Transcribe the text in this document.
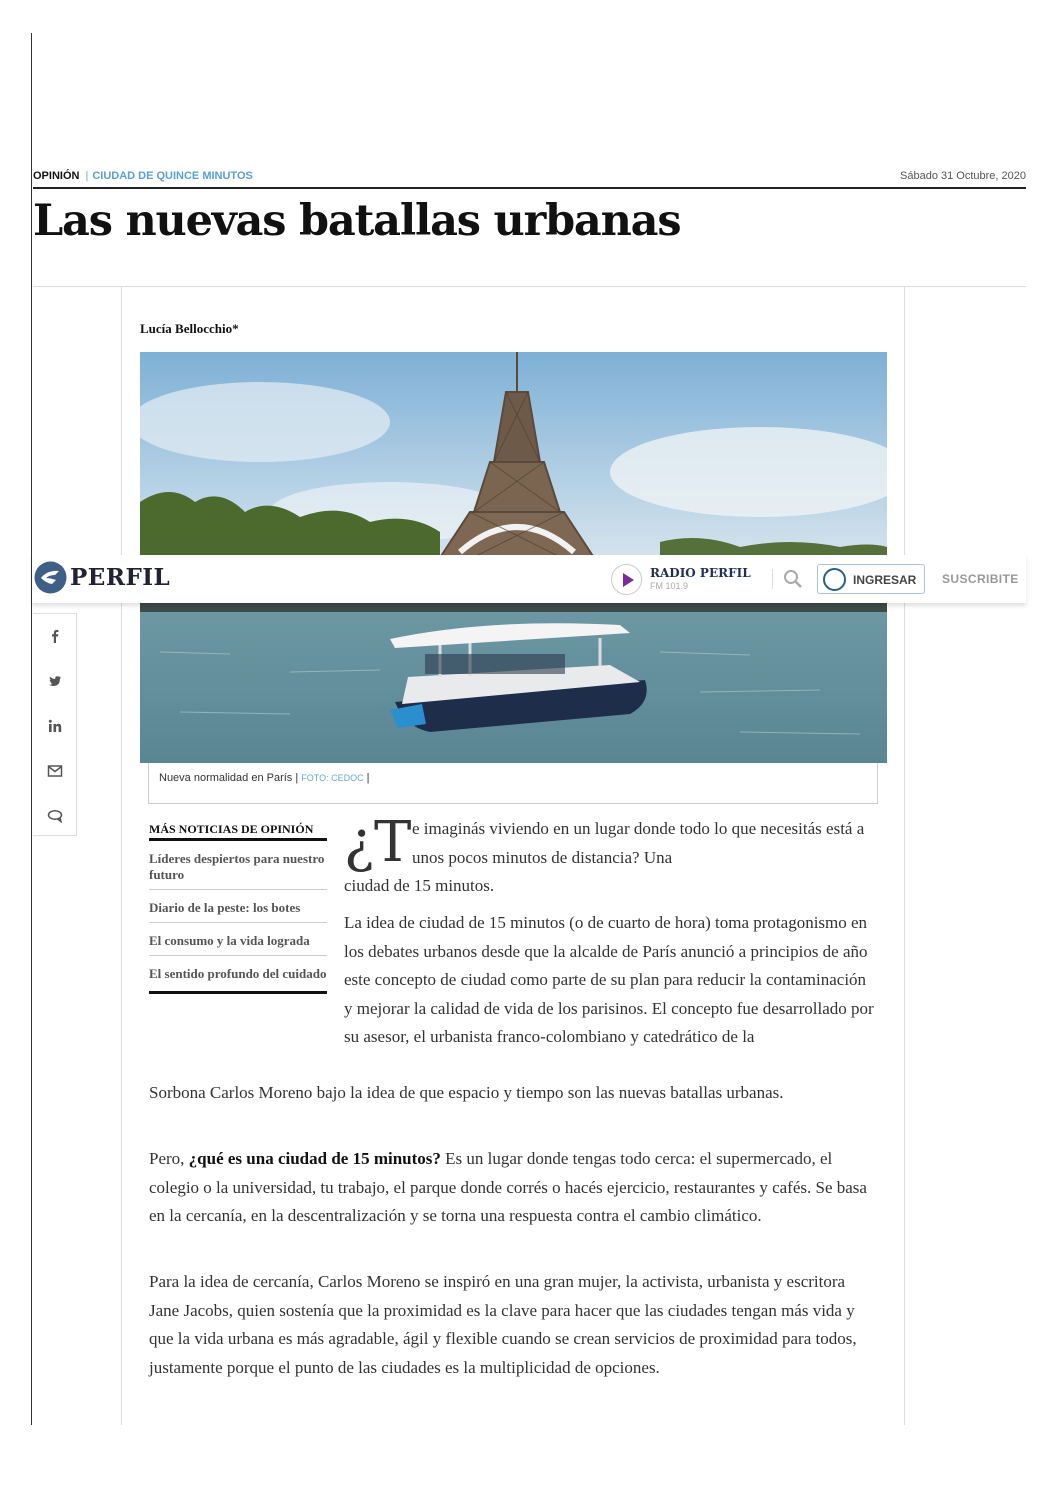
OPINIÓN | CIUDAD DE QUINCE MINUTOS	Sábado 31 Octubre, 2020
Las nuevas batallas urbanas
Lucía Bellocchio*
Nueva normalidad en París | FOTO: CEDOC |
PERFIL	RADIO PERFIL
FM 101.9	INGRESAR SUSCRIBITE
MÁS NOTICIAS DE OPINIÓN
Líderes despiertos para nuestro futuro
Diario de la peste: los botes
El consumo y la vida lograda
El sentido profundo del cuidado
¿T e imaginás viviendo en un lugar donde todo lo que necesitás está a unos pocos minutos de distancia? Una

ciudad de 15 minutos.

La idea de ciudad de 15 minutos (o de cuarto de hora) toma protagonismo en los debates urbanos desde que la alcalde de París anunció a principios de año este concepto de ciudad como parte de su plan para reducir la contaminación y mejorar la calidad de vida de los parisinos. El concepto fue desarrollado por su asesor, el urbanista franco-colombiano y catedrático de la

Sorbona Carlos Moreno bajo la idea de que espacio y tiempo son las nuevas batallas urbanas.

Pero, ¿qué es una ciudad de 15 minutos? Es un lugar donde tengas todo cerca: el supermercado, el colegio o la universidad, tu trabajo, el parque donde corrés o hacés ejercicio, restaurantes y cafés. Se basa en la cercanía, en la descentralización y se torna una respuesta contra el cambio climático.

Para la idea de cercanía, Carlos Moreno se inspiró en una gran mujer, la activista, urbanista y escritora Jane Jacobs, quien sostenía que la proximidad es la clave para hacer que las ciudades tengan más vida y que la vida urbana es más agradable, ágil y flexible cuando se crean servicios de proximidad para todos, justamente porque el punto de las ciudades es la multiplicidad de opciones.
